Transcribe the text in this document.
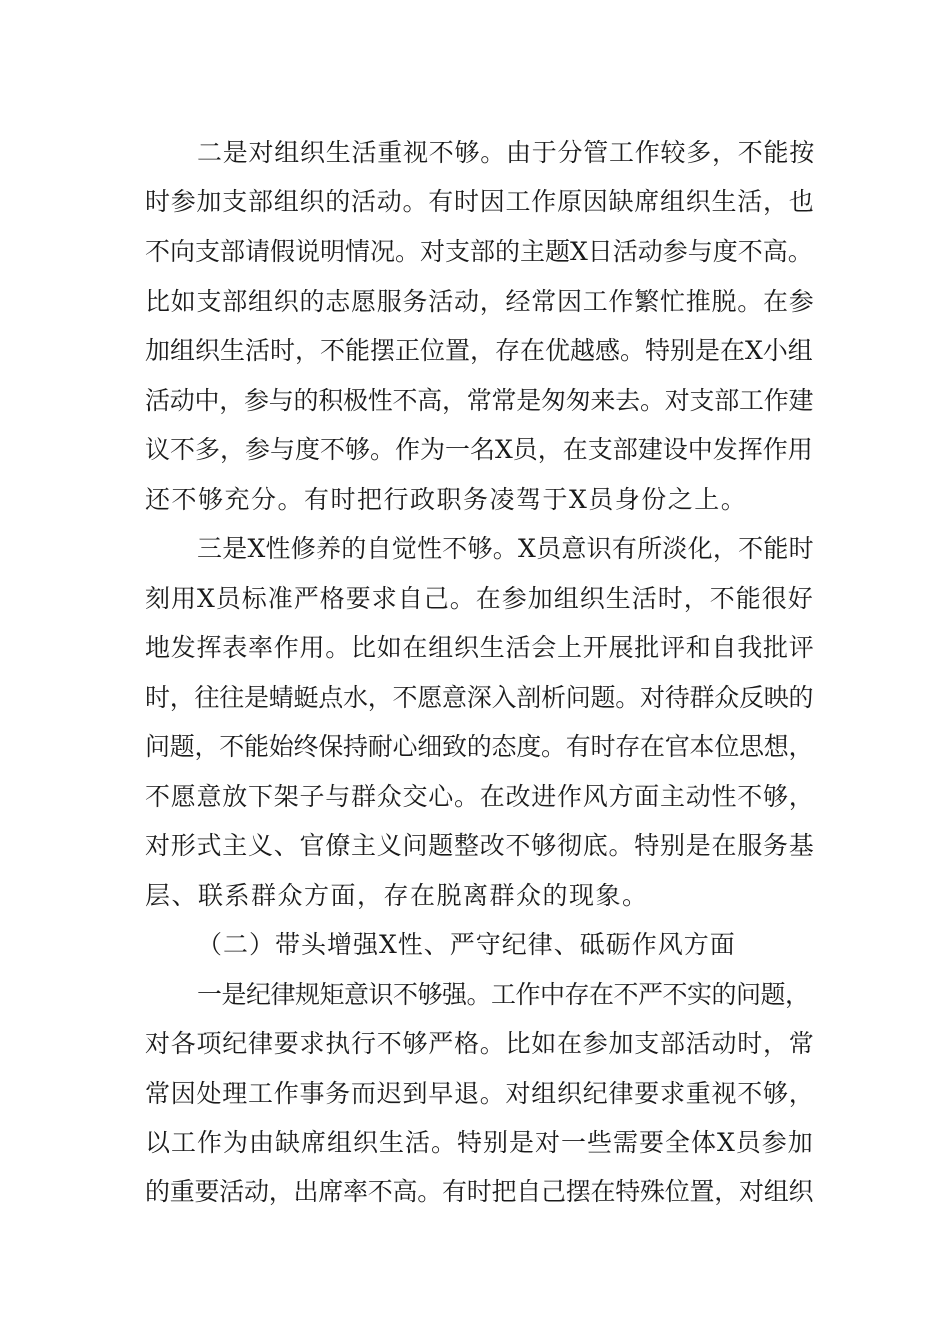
二是对组织生活重视不够。由于分管工作较多，不能按
时参加支部组织的活动。有时因工作原因缺席组织生活，也
不向支部请假说明情况。对支部的主题X日活动参与度不高。
比如支部组织的志愿服务活动，经常因工作繁忙推脱。在参
加组织生活时，不能摆正位置，存在优越感。特别是在X小组
活动中，参与的积极性不高，常常是匆匆来去。对支部工作建
议不多，参与度不够。作为一名X员，在支部建设中发挥作用
还不够充分。有时把行政职务凌驾于X员身份之上。
三是X性修养的自觉性不够。X员意识有所淡化，不能时
刻用X员标准严格要求自己。在参加组织生活时，不能很好
地发挥表率作用。比如在组织生活会上开展批评和自我批评
时，往往是蜻蜓点水，不愿意深入剖析问题。对待群众反映的
问题，不能始终保持耐心细致的态度。有时存在官本位思想，
不愿意放下架子与群众交心。在改进作风方面主动性不够，
对形式主义、官僚主义问题整改不够彻底。特别是在服务基
层、联系群众方面，存在脱离群众的现象。
（二）带头增强X性、严守纪律、砥砺作风方面
一是纪律规矩意识不够强。工作中存在不严不实的问题，
对各项纪律要求执行不够严格。比如在参加支部活动时，常
常因处理工作事务而迟到早退。对组织纪律要求重视不够，
以工作为由缺席组织生活。特别是对一些需要全体X员参加
的重要活动，出席率不高。有时把自己摆在特殊位置，对组织
